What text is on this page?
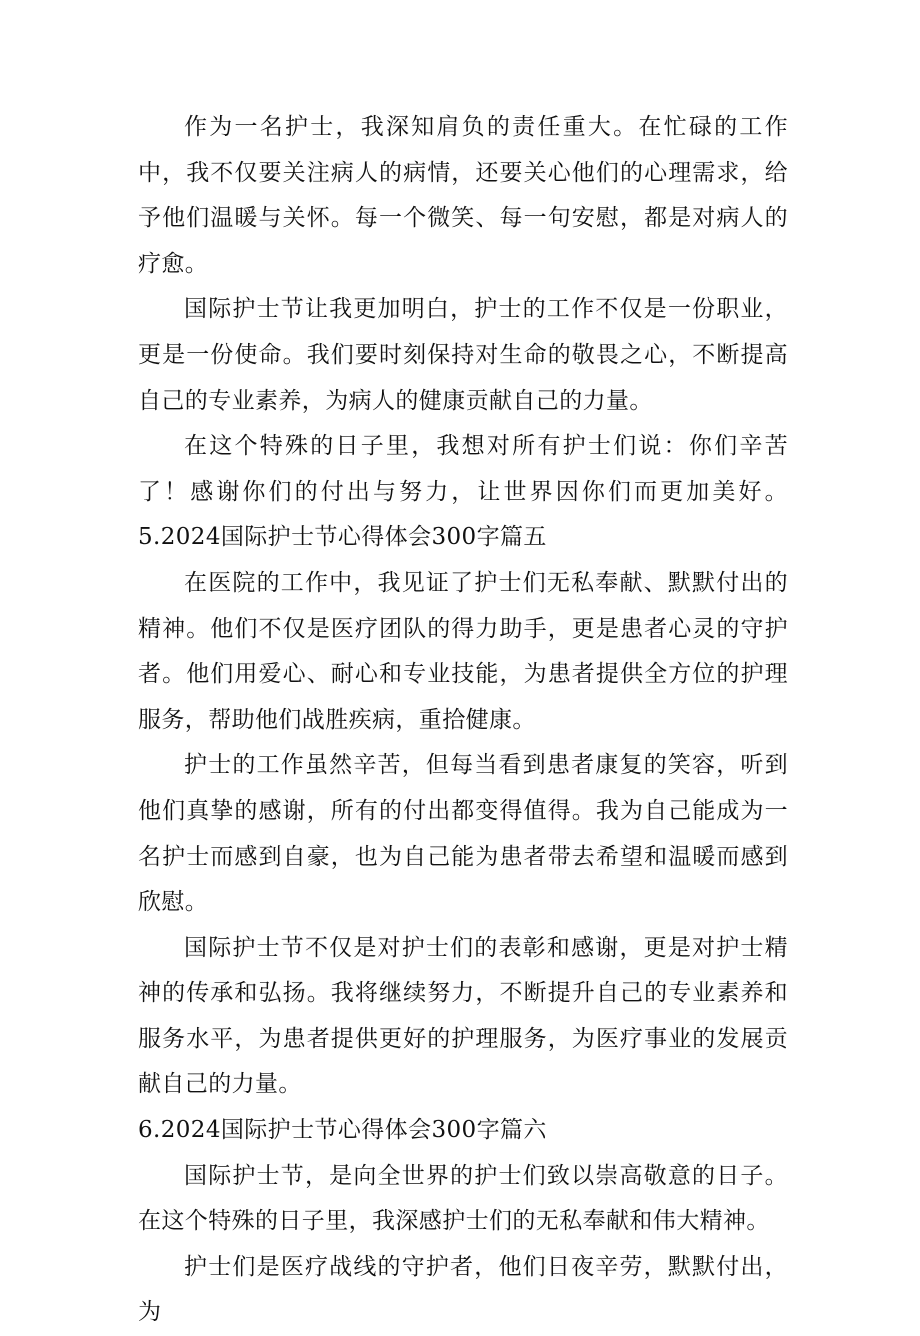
作为一名护士，我深知肩负的责任重大。在忙碌的工作中，我不仅要关注病人的病情，还要关心他们的心理需求，给予他们温暖与关怀。每一个微笑、每一句安慰，都是对病人的疗愈。

国际护士节让我更加明白，护士的工作不仅是一份职业，更是一份使命。我们要时刻保持对生命的敬畏之心，不断提高自己的专业素养，为病人的健康贡献自己的力量。

在这个特殊的日子里，我想对所有护士们说：你们辛苦了！感谢你们的付出与努力，让世界因你们而更加美好。5.2024国际护士节心得体会300字篇五

在医院的工作中，我见证了护士们无私奉献、默默付出的精神。他们不仅是医疗团队的得力助手，更是患者心灵的守护者。他们用爱心、耐心和专业技能，为患者提供全方位的护理服务，帮助他们战胜疾病，重拾健康。

护士的工作虽然辛苦，但每当看到患者康复的笑容，听到他们真挚的感谢，所有的付出都变得值得。我为自己能成为一名护士而感到自豪，也为自己能为患者带去希望和温暖而感到欣慰。

国际护士节不仅是对护士们的表彰和感谢，更是对护士精神的传承和弘扬。我将继续努力，不断提升自己的专业素养和服务水平，为患者提供更好的护理服务，为医疗事业的发展贡献自己的力量。

6.2024国际护士节心得体会300字篇六

国际护士节，是向全世界的护士们致以崇高敬意的日子。在这个特殊的日子里，我深感护士们的无私奉献和伟大精神。

护士们是医疗战线的守护者，他们日夜辛劳，默默付出，为
